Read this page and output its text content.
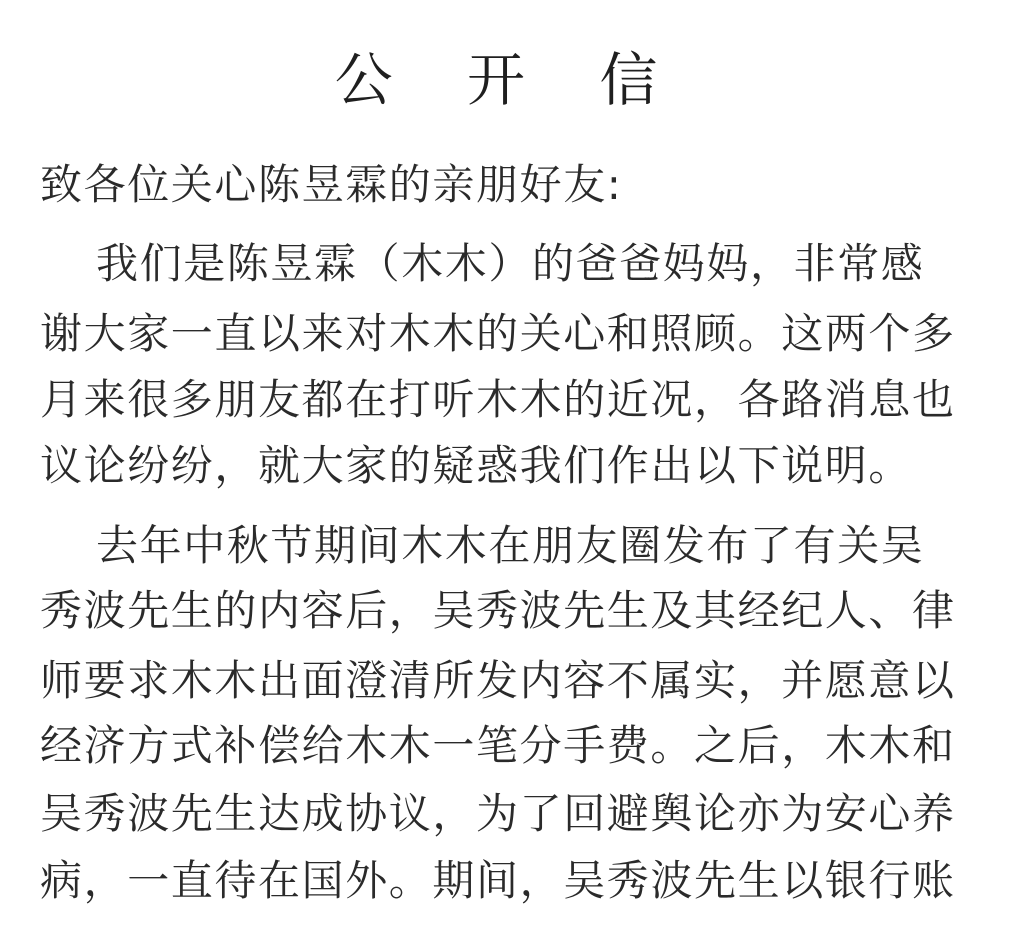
公 开 信
致各位关心陈昱霖的亲朋好友:
我们是陈昱霖（木木）的爸爸妈妈，非常感
谢大家一直以来对木木的关心和照顾。这两个多
月来很多朋友都在打听木木的近况，各路消息也
议论纷纷，就大家的疑惑我们作出以下说明。
去年中秋节期间木木在朋友圈发布了有关吴
秀波先生的内容后，吴秀波先生及其经纪人、律
师要求木木出面澄清所发内容不属实，并愿意以
经济方式补偿给木木一笔分手费。之后，木木和
吴秀波先生达成协议，为了回避舆论亦为安心养
病，一直待在国外。期间，吴秀波先生以银行账
